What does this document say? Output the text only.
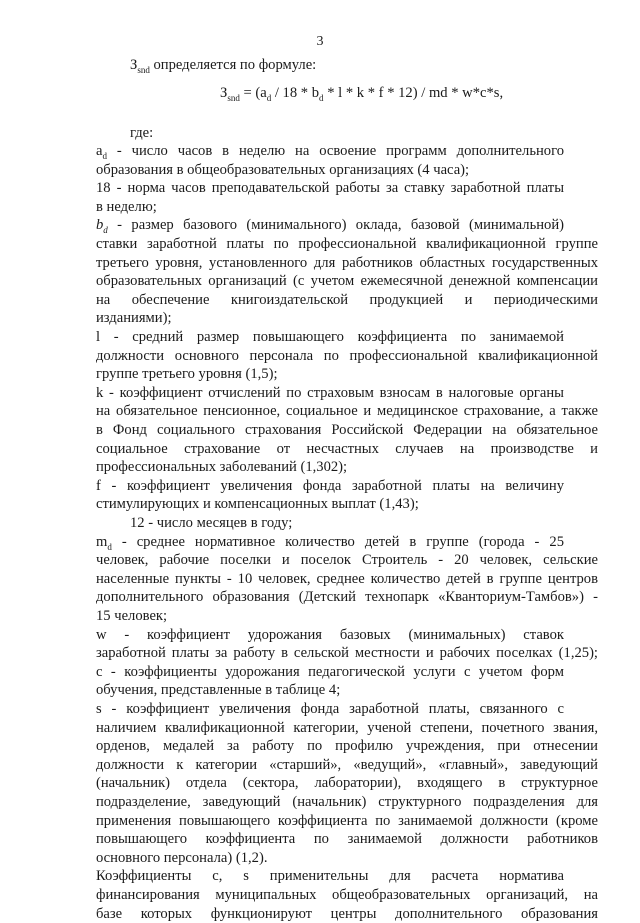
3
$З_{snd}$ определяется по формуле:
$З_{snd} = (a_d / 18 * b_d * l * k * f * 12)$ / md * w*c*s,
где:
$a_d$ - число часов в неделю на освоение программ дополнительного
образования в общеобразовательных организациях (4 часа);
18 - норма часов преподавательской работы за ставку заработной платы
в неделю;
$b_d$ - размер базового (минимального) оклада, базовой (минимальной)
ставки заработной платы по профессиональной квалификационной группе
третьего уровня, установленного для работников областных государственных
образовательных организаций (с учетом ежемесячной денежной компенсации
на обеспечение книгоиздательской продукцией и периодическими
изданиями);
l - средний размер повышающего коэффициента по занимаемой
должности основного персонала по профессиональной квалификационной
группе третьего уровня (1,5);
k - коэффициент отчислений по страховым взносам в налоговые органы
на обязательное пенсионное, социальное и медицинское страхование, а также
в Фонд социального страхования Российской Федерации на обязательное
социальное страхование от несчастных случаев на производстве и
профессиональных заболеваний (1,302);
f - коэффициент увеличения фонда заработной платы на величину
стимулирующих и компенсационных выплат (1,43);
12 - число месяцев в году;
$m_d$ - среднее нормативное количество детей в группе (города - 25
человек, рабочие поселки и поселок Строитель - 20 человек, сельские
населенные пункты - 10 человек, среднее количество детей в группе центров
дополнительного образования (Детский технопарк «Кванториум-Тамбов») -
15 человек;
w - коэффициент удорожания базовых (минимальных) ставок
заработной платы за работу в сельской местности и рабочих поселках (1,25);
c - коэффициенты удорожания педагогической услуги с учетом форм
обучения, представленные в таблице 4;
s - коэффициент увеличения фонда заработной платы, связанного с
наличием квалификационной категории, ученой степени, почетного звания,
орденов, медалей за работу по профилю учреждения, при отнесении
должности к категории «старший», «ведущий», «главный», заведующий
(начальник) отдела (сектора, лаборатории), входящего в структурное
подразделение, заведующий (начальник) структурного подразделения для
применения повышающего коэффициента по занимаемой должности (кроме
повышающего коэффициента по занимаемой должности работников
основного персонала) (1,2).
Коэффициенты c, s применительны для расчета норматива
финансирования муниципальных общеобразовательных организаций, на
базе которых функционируют центры дополнительного образования
